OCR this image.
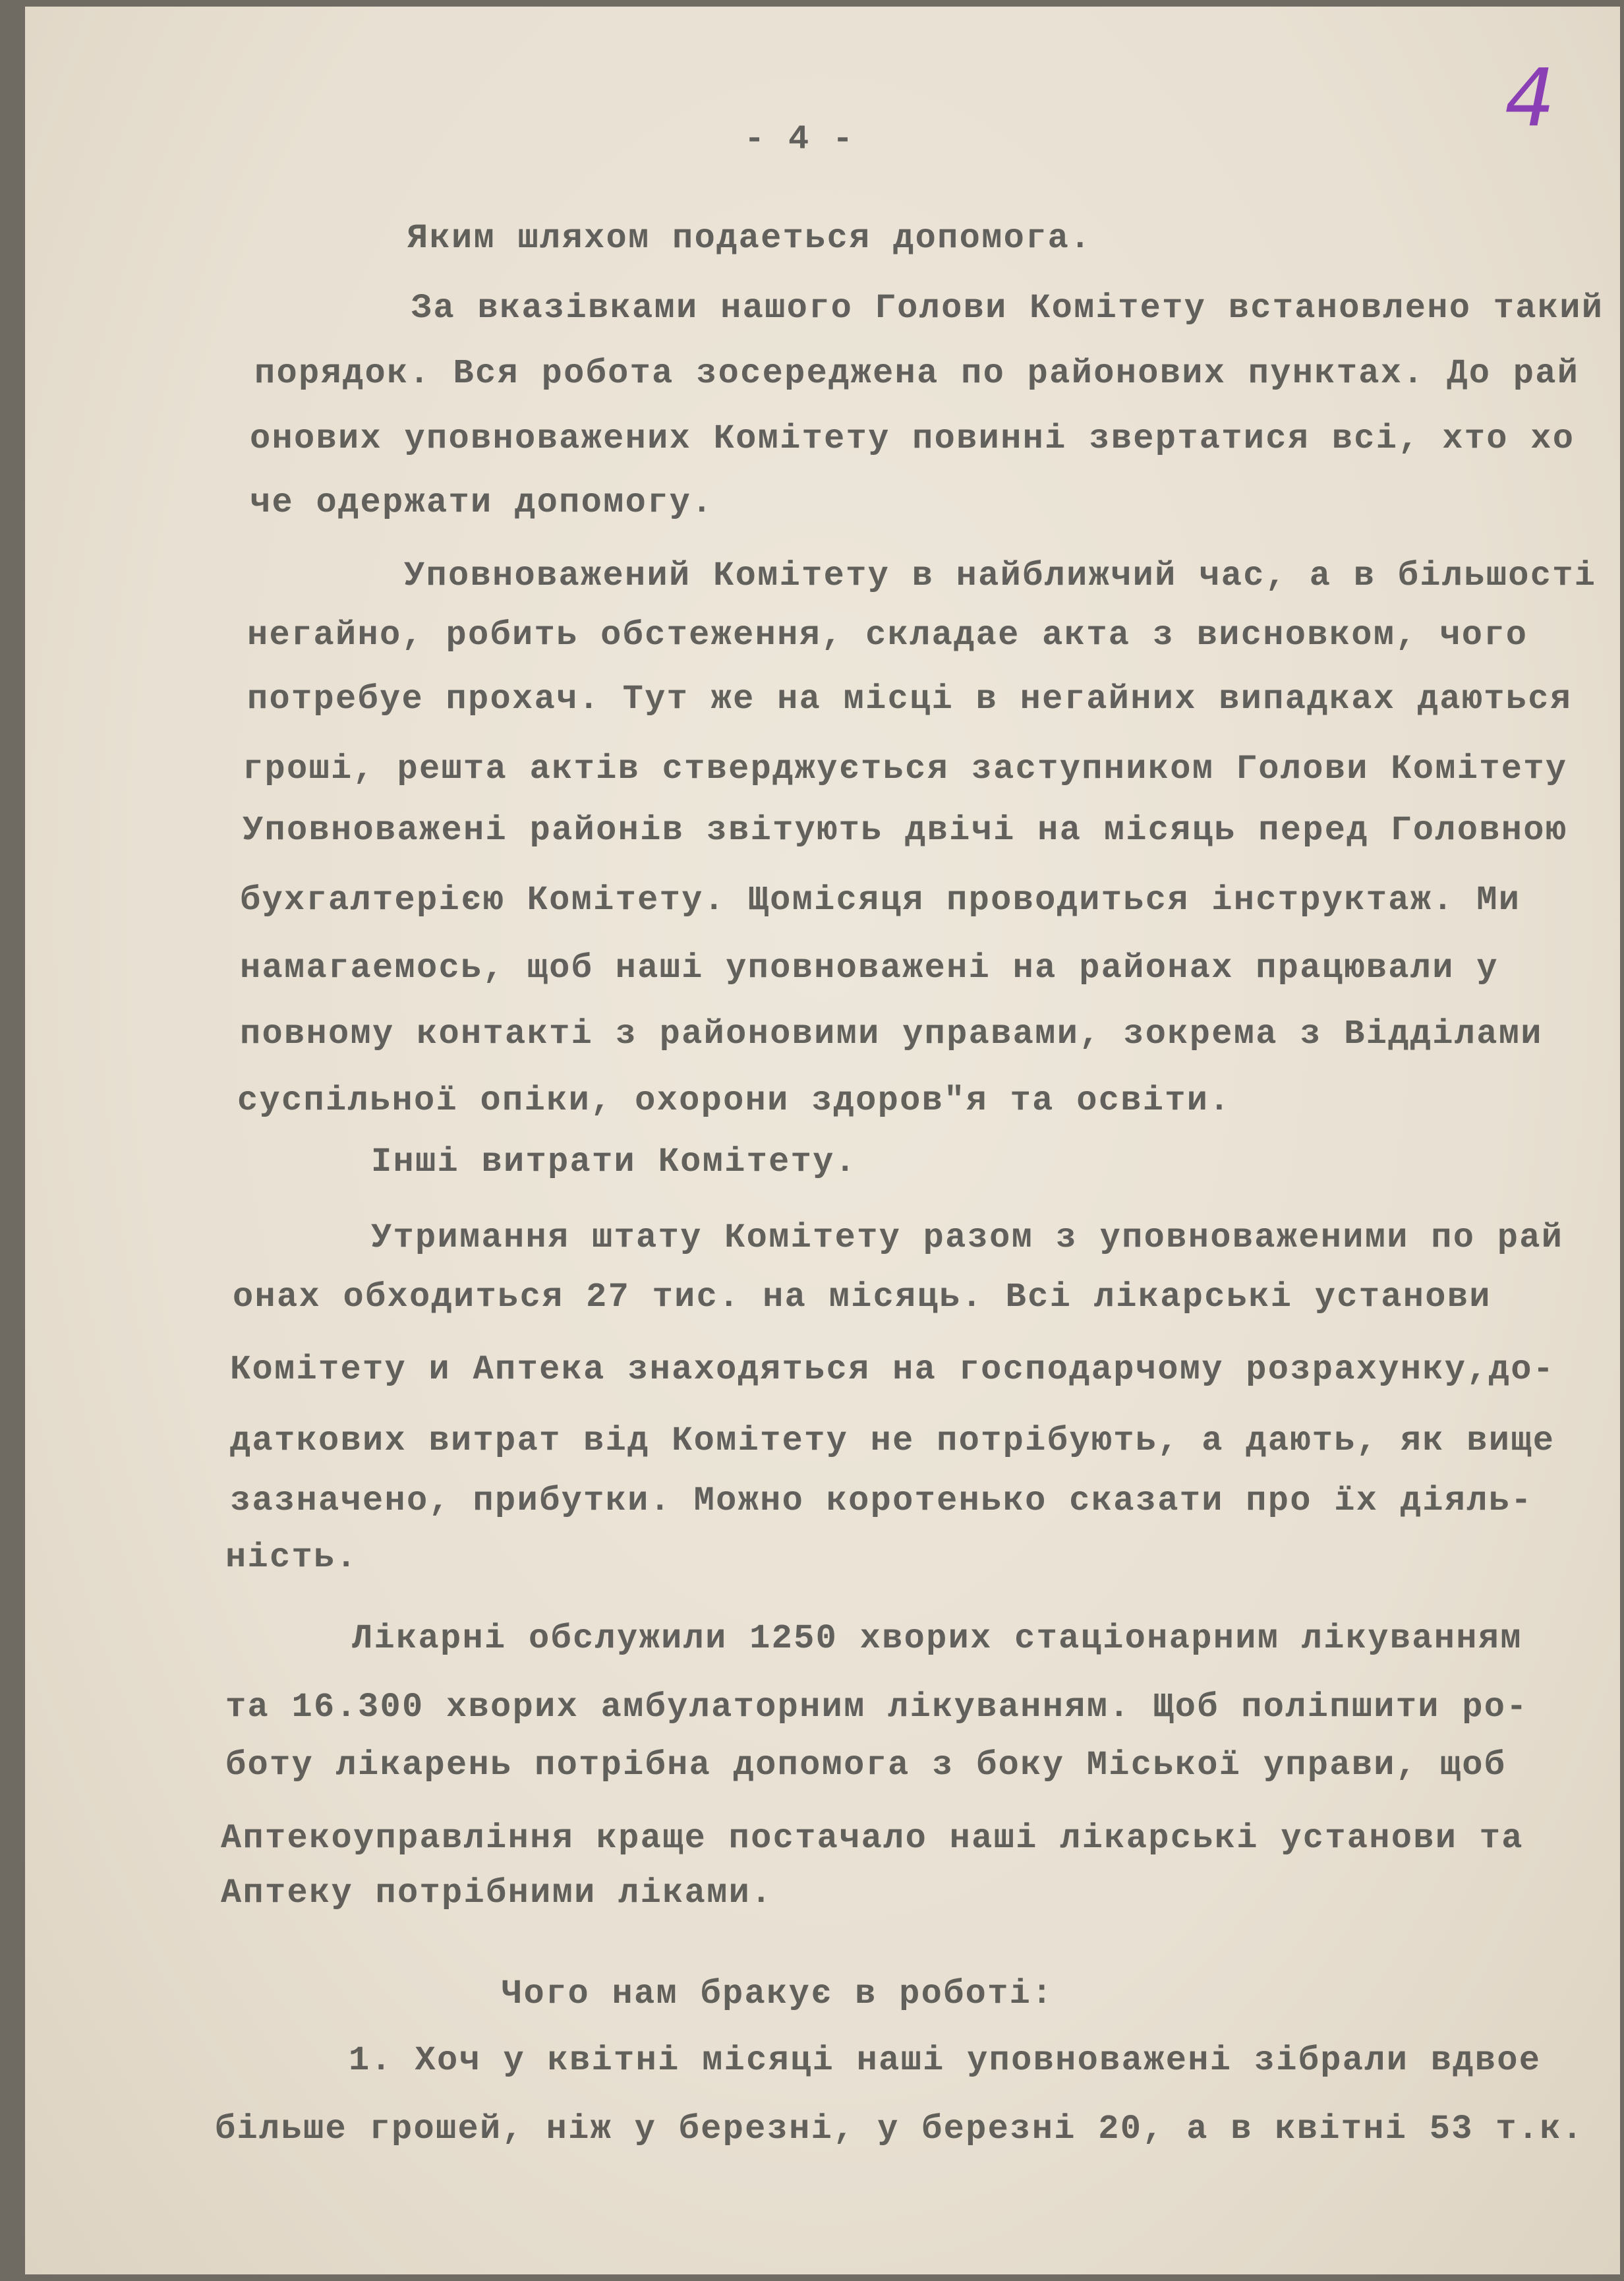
4
- 4 -
Яким шляхом подаеться допомога.
За вказівками нашого Голови Комітету встановлено такий
порядок. Вся робота зосереджена по районових пунктах. До рай
онових уповноважених Комітету повинні звертатися всі, хто хо
че одержати допомогу.
Уповноважений Комітету в найближчий час, а в більшості
негайно, робить обстеження, складае акта з висновком, чого
потребуе прохач. Тут же на місці в негайних випадках даються
гроші, решта актів стверджується заступником Голови Комітету
Уповноважені районів звітують двічі на місяць перед Головною
бухгалтерією Комітету. Щомісяця проводиться інструктаж. Ми
намагаемось, щоб наші уповноважені на районах працювали у
повному контакті з районовими управами, зокрема з Відділами
суспільної опіки, охорони здоров"я та освіти.
Інші витрати Комітету.
Утримання штату Комітету разом з уповноваженими по рай
онах обходиться 27 тис. на місяць. Всі лікарські установи
Комітету и Аптека знаходяться на господарчому розрахунку,до-
даткових витрат від Комітету не потрібують, а дають, як вище
зазначено, прибутки. Можно коротенько сказати про їх діяль-
ність.
Лікарні обслужили 1250 хворих стаціонарним лікуванням
та 16.300 хворих амбулаторним лікуванням. Щоб поліпшити ро-
боту лікарень потрібна допомога з боку Міської управи, щоб
Аптекоуправління краще постачало наші лікарські установи та
Аптеку потрібними ліками.
Чого нам бракує в роботі:
1. Хоч у квітні місяці наші уповноважені зібрали вдвое
більше грошей, ніж у березні, у березні 20, а в квітні 53 т.к.
